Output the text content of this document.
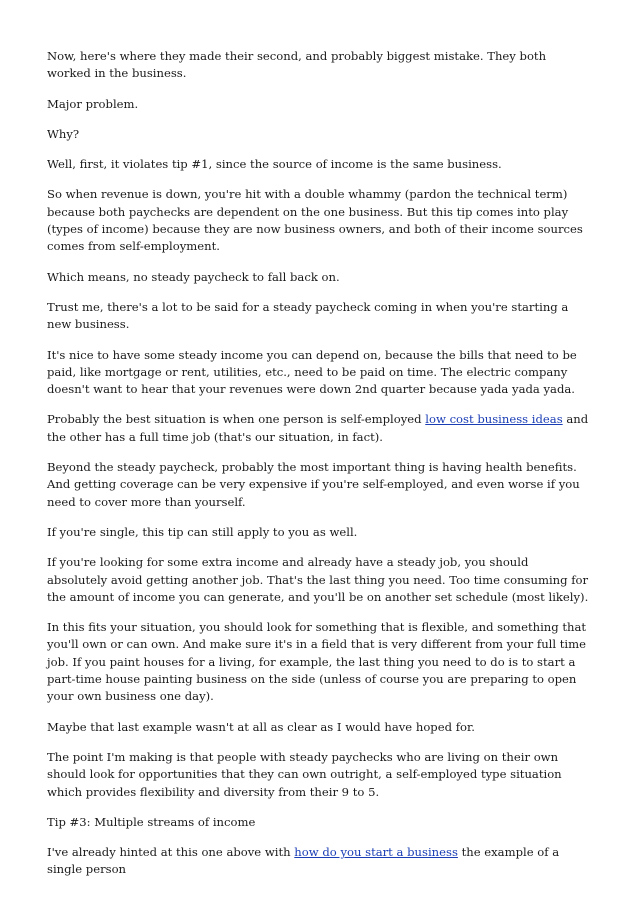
Now, here's where they made their second, and probably biggest mistake. They both worked in the business.

Major problem.

Why?

Well, first, it violates tip #1, since the source of income is the same business.

So when revenue is down, you're hit with a double whammy (pardon the technical term) because both paychecks are dependent on the one business. But this tip comes into play (types of income) because they are now business owners, and both of their income sources comes from self-employment.

Which means, no steady paycheck to fall back on.

Trust me, there's a lot to be said for a steady paycheck coming in when you're starting a new business.

It's nice to have some steady income you can depend on, because the bills that need to be paid, like mortgage or rent, utilities, etc., need to be paid on time. The electric company doesn't want to hear that your revenues were down 2nd quarter because yada yada yada.

Probably the best situation is when one person is self-employed low cost business ideas and the other has a full time job (that's our situation, in fact).

Beyond the steady paycheck, probably the most important thing is having health benefits. And getting coverage can be very expensive if you're self-employed, and even worse if you need to cover more than yourself.

If you're single, this tip can still apply to you as well.

If you're looking for some extra income and already have a steady job, you should absolutely avoid getting another job. That's the last thing you need. Too time consuming for the amount of income you can generate, and you'll be on another set schedule (most likely).

In this fits your situation, you should look for something that is flexible, and something that you'll own or can own. And make sure it's in a field that is very different from your full time job. If you paint houses for a living, for example, the last thing you need to do is to start a part-time house painting business on the side (unless of course you are preparing to open your own business one day).

Maybe that last example wasn't at all as clear as I would have hoped for.

The point I'm making is that people with steady paychecks who are living on their own should look for opportunities that they can own outright, a self-employed type situation which provides flexibility and diversity from their 9 to 5.

Tip #3: Multiple streams of income

I've already hinted at this one above with how do you start a business the example of a single person
